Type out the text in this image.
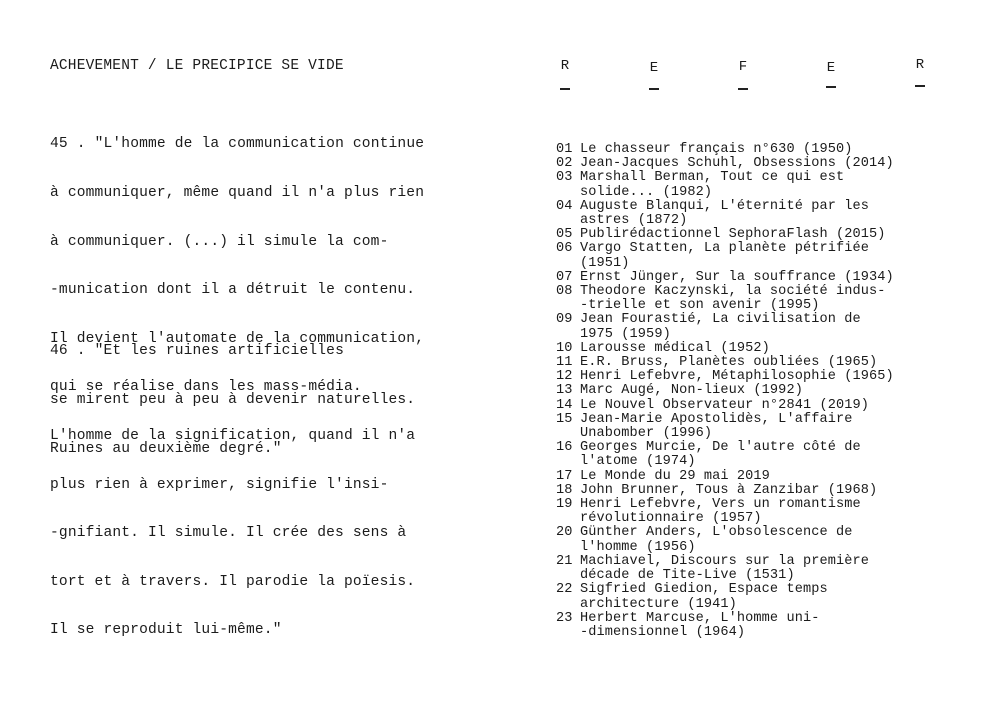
ACHEVEMENT / LE PRECIPICE SE VIDE

45 . "L'homme de la communication continue

à communiquer, même quand il n'a plus rien

à communiquer. (...) il simule la com-

-munication dont il a détruit le contenu.

Il devient l'automate de la communication,

qui se réalise dans les mass-média.

L'homme de la signification, quand il n'a

plus rien à exprimer, signifie l'insi-

-gnifiant. Il simule. Il crée des sens à

tort et à travers. Il parodie la poïesis.

Il se reproduit lui-même."

46 . "Et les ruines artificielles

se mirent peu à peu à devenir naturelles.

Ruines au deuxième degré."

R	E	F	E	R
01 Le chasseur français n°630 (1950)
02 Jean-Jacques Schuhl, Obsessions (2014)
03 Marshall Berman, Tout ce qui est
solide... (1982)
04 Auguste Blanqui, L'éternité par les
astres (1872)
05 Publirédactionnel SephoraFlash (2015)
06 Vargo Statten, La planète pétrifiée
(1951)
07 Ernst Jünger, Sur la souffrance (1934)
08 Theodore Kaczynski, la société indus-
-trielle et son avenir (1995)
09 Jean Fourastié, La civilisation de
1975 (1959)
10 Larousse médical (1952)
11 E.R. Bruss, Planètes oubliées (1965)
12 Henri Lefebvre, Métaphilosophie (1965)
13 Marc Augé, Non-lieux (1992)
14 Le Nouvel Observateur n°2841 (2019)
15 Jean-Marie Apostolidès, L'affaire
Unabomber (1996)
16 Georges Murcie, De l'autre côté de
l'atome (1974)
17 Le Monde du 29 mai 2019
18 John Brunner, Tous à Zanzibar (1968)
19 Henri Lefebvre, Vers un romantisme
révolutionnaire (1957)
20 Günther Anders, L'obsolescence de
l'homme (1956)
21 Machiavel, Discours sur la première
décade de Tite-Live (1531)
22 Sigfried Giedion, Espace temps
architecture (1941)
23 Herbert Marcuse, L'homme uni-
-dimensionnel (1964)
